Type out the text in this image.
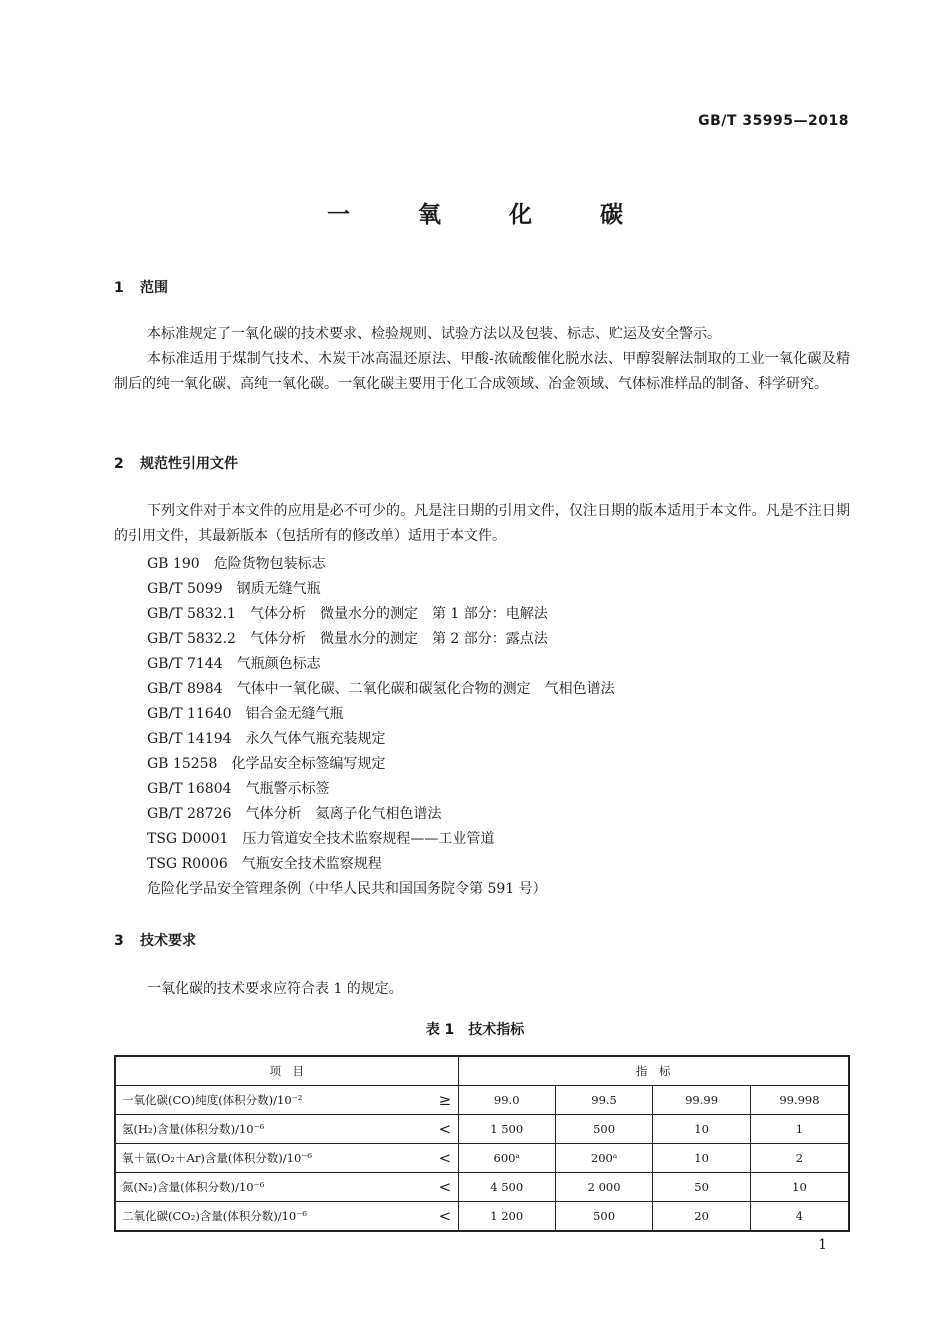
GB/T 35995—2018
一 氧 化 碳
1 范围
本标准规定了一氧化碳的技术要求、检验规则、试验方法以及包装、标志、贮运及安全警示。
本标准适用于煤制气技术、木炭干冰高温还原法、甲酸-浓硫酸催化脱水法、甲醇裂解法制取的工业一氧化碳及精制后的纯一氧化碳、高纯一氧化碳。一氧化碳主要用于化工合成领域、冶金领域、气体标准样品的制备、科学研究。
2 规范性引用文件
下列文件对于本文件的应用是必不可少的。凡是注日期的引用文件，仅注日期的版本适用于本文件。凡是不注日期的引用文件，其最新版本（包括所有的修改单）适用于本文件。
GB 190 危险货物包装标志
GB/T 5099 钢质无缝气瓶
GB/T 5832.1 气体分析　微量水分的测定　第 1 部分：电解法
GB/T 5832.2 气体分析　微量水分的测定　第 2 部分：露点法
GB/T 7144 气瓶颜色标志
GB/T 8984 气体中一氧化碳、二氧化碳和碳氢化合物的测定　气相色谱法
GB/T 11640 铝合金无缝气瓶
GB/T 14194 永久气体气瓶充装规定
GB 15258 化学品安全标签编写规定
GB/T 16804 气瓶警示标签
GB/T 28726 气体分析　氦离子化气相色谱法
TSG D0001 压力管道安全技术监察规程——工业管道
TSG R0006 气瓶安全技术监察规程
危险化学品安全管理条例（中华人民共和国国务院令第 591 号）
3 技术要求
一氧化碳的技术要求应符合表 1 的规定。
表 1　技术指标
项　目		指　标			
一氧化碳(CO)纯度(体积分数)/10⁻²	≥	99.0	99.5	99.99	99.998
氢(H₂)含量(体积分数)/10⁻⁶	<	1 500	500	10	1
氧＋氩(O₂＋Ar)含量(体积分数)/10⁻⁶	<	600ᵃ	200ᵃ	10	2
氮(N₂)含量(体积分数)/10⁻⁶	<	4 500	2 000	50	10
二氧化碳(CO₂)含量(体积分数)/10⁻⁶	<	1 200	500	20	4
1
